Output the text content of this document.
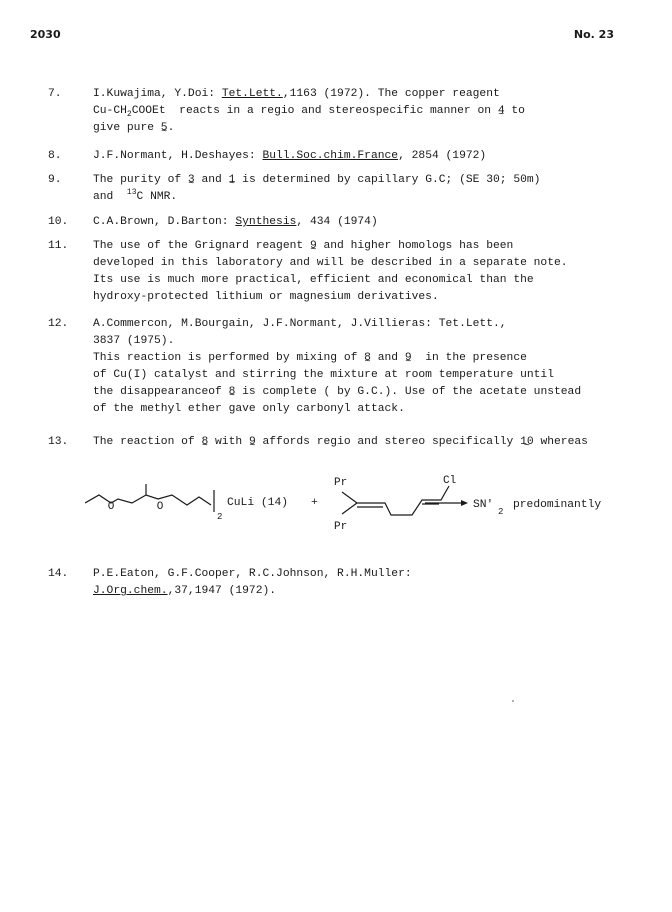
2030	No. 23
7.	I.Kuwajima, Y.Doi: Tet.Lett.,1163 (1972). The copper reagent
$Cu-CH_2COOEt$  reacts in a regio and stereospecific manner on 4 ~ to
give pure 5 ~.
8.	J.F.Normant, H.Deshayes: Bull.Soc.chim.France, 2854 (1972)
9.	The purity of 3 ~ and 1 ~ is determined by capillary G.C; (SE 30; 50m)
and  $^{13}$C NMR.
10.	C.A.Brown, D.Barton: Synthesis, 434 (1974)
11.	The use of the Grignard reagent 9 ~ and higher homologs has been
developed in this laboratory and will be described in a separate note.
Its use is much more practical, efficient and economical than the
hydroxy-protected lithium or magnesium derivatives.
12.	A.Commercon, M.Bourgain, J.F.Normant, J.Villieras: Tet.Lett.,
3837 (1975).
This reaction is performed by mixing of 8 ~ and 9 ~  in the presence
of Cu(I) catalyst and stirring the mixture at room temperature until
the disappearanceof 8 ~ is complete ( by G.C.). Use of the acetate unstead
of the methyl ether gave only carbonyl attack.
13.	The reaction of 8 ~ with 9 ~ affords regio and stereo specifically 10 ~ whereas
O	O
2
CuLi (14) +
Pr
Pr
Cl
SN'
2
predominantly
14.	P.E.Eaton, G.F.Cooper, R.C.Johnson, R.H.Muller:
J.Org.chem.,37,1947 (1972).
